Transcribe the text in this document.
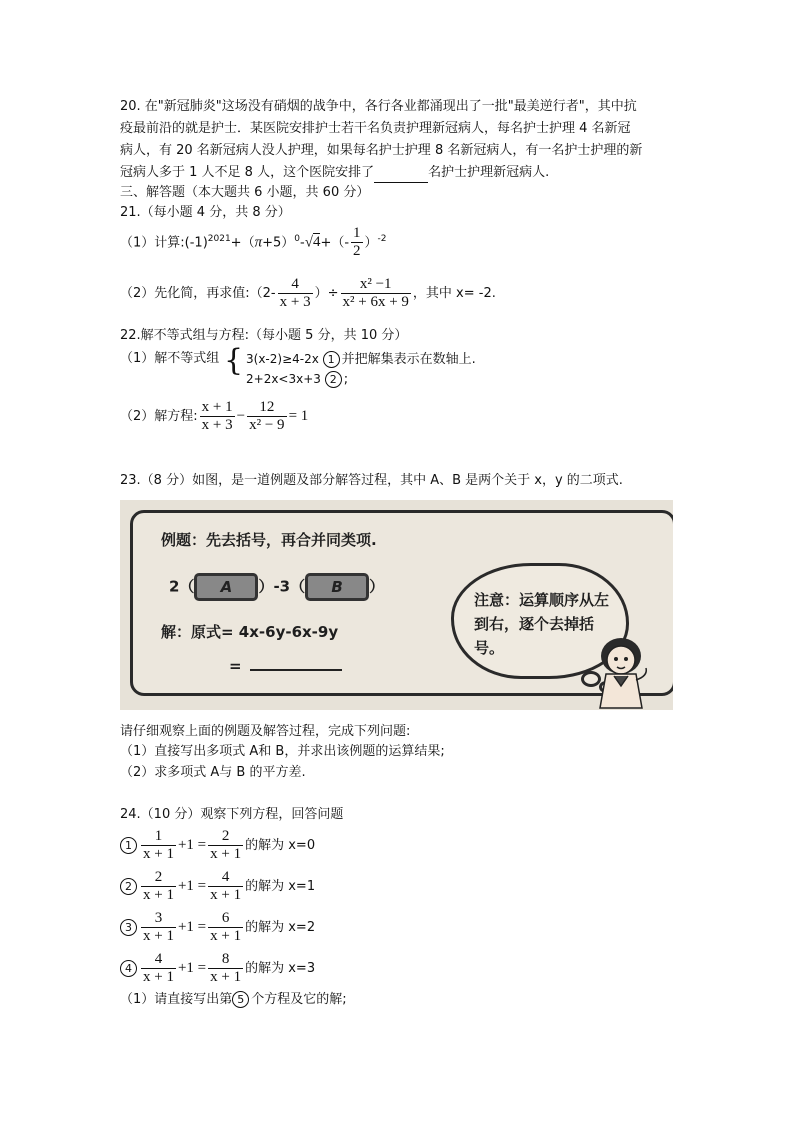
20. 在"新冠肺炎"这场没有硝烟的战争中，各行各业都涌现出了一批"最美逆行者"，其中抗
疫最前沿的就是护士．某医院安排护士若干名负责护理新冠病人，每名护士护理 4 名新冠
病人，有 20 名新冠病人没人护理，如果每名护士护理 8 名新冠病人，有一名护士护理的新
冠病人多于 1 人不足 8 人，这个医院安排了	名护士护理新冠病人.
三、解答题（本大题共 6 小题，共 60 分）
21.（每小题 4 分，共 8 分）
（1）计算$:(-1)^{2021}+(\pi+5)^0-√4+(- \frac{1}{2} )^{-2}$
（2）先化简，再求值:（2- $\frac{4}{x + 3}$ ）÷ $\frac{\text{x² −1}}{\text{x² + 6x + 9}}$ ，其中 x= -2.
22.解不等式组与方程:（每小题 5 分，共 10 分）
（1）解不等式组 { 3(x-2)≥4-2x 1 并把解集表示在数轴上.
2+2x<3x+3 2 ;
（2）解方程: $\frac{x + 1}{x + 3} - \frac{12}{\text{x² − 9}} = 1$
23.（8 分）如图，是一道例题及部分解答过程，其中 A、B 是两个关于 x，y 的二项式.
例题：先去括号，再合并同类项.
2（ A ）-3（ B ）
解：原式= 4x-6y-6x-9y
=
注意：运算顺序从左到右，逐个去掉括号。
请仔细观察上面的例题及解答过程，完成下列问题:
（1）直接写出多项式 A和 B，并求出该例题的运算结果;
（2）求多项式 A与 B 的平方差.
24.（10 分）观察下列方程，回答问题
$1 \frac{1}{x + 1} +1 = \frac{2}{x + 1}$ 的解为 x=0
$2 \frac{2}{x + 1} +1 = \frac{4}{x + 1}$ 的解为 x=1
$3 \frac{3}{x + 1} +1 = \frac{6}{x + 1}$ 的解为 x=2
$4 \frac{4}{x + 1} +1 = \frac{8}{x + 1}$ 的解为 x=3
（1）请直接写出第 5 个方程及它的解;
